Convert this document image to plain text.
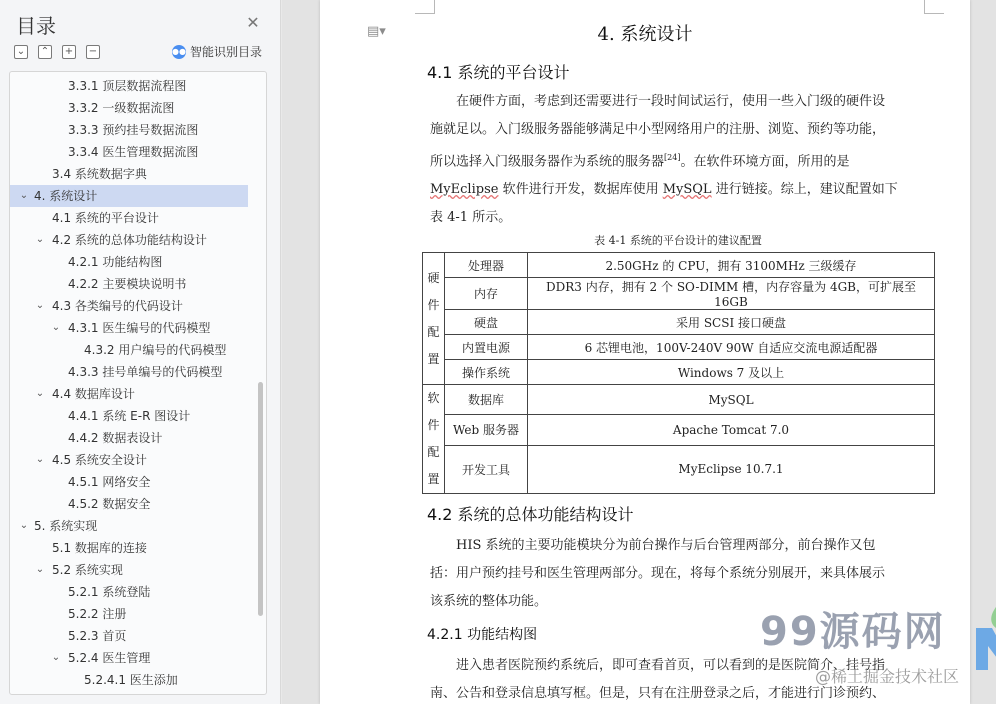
目录	✕
⌄ ⌃ + −	●● 智能识别目录
3.3.1 顶层数据流程图
3.3.2 一级数据流图
3.3.3 预约挂号数据流图
3.3.4 医生管理数据流图
3.4 系统数据字典
⌄ 4. 系统设计
4.1 系统的平台设计
⌄ 4.2 系统的总体功能结构设计
4.2.1 功能结构图
4.2.2 主要模块说明书
⌄ 4.3 各类编号的代码设计
⌄ 4.3.1 医生编号的代码模型
4.3.2 用户编号的代码模型
4.3.3 挂号单编号的代码模型
⌄ 4.4 数据库设计
4.4.1 系统 E-R 图设计
4.4.2 数据表设计
⌄ 4.5 系统安全设计
4.5.1 网络安全
4.5.2 数据安全
⌄ 5. 系统实现
5.1 数据库的连接
⌄ 5.2 系统实现
5.2.1 系统登陆
5.2.2 注册
5.2.3 首页
⌄ 5.2.4 医生管理
5.2.4.1 医生添加
▤▾	4. 系统设计
4.1 系统的平台设计
在硬件方面，考虑到还需要进行一段时间试运行，使用一些入门级的硬件设
施就足以。入门级服务器能够满足中小型网络用户的注册、浏览、预约等功能，
所以选择入门级服务器作为系统的服务器[24]。在软件环境方面，所用的是
MyEclipse 软件进行开发，数据库使用 MySQL 进行链接。综上，建议配置如下
表 4-1 所示。
表 4-1 系统的平台设计的建议配置
硬
件
配
置	处理器	2.50GHz 的 CPU，拥有 3100MHz 三级缓存
	内存	DDR3 内存，拥有 2 个 SO-DIMM 槽，内存容量为 4GB，可扩展至 16GB
	硬盘	采用 SCSI 接口硬盘
	内置电源	6 芯锂电池，100V-240V 90W 自适应交流电源适配器
	操作系统	Windows 7 及以上
软
件
配
置	数据库	MySQL
	Web 服务器	Apache Tomcat 7.0
	开发工具	MyEclipse 10.7.1
4.2 系统的总体功能结构设计
HIS 系统的主要功能模块分为前台操作与后台管理两部分，前台操作又包
括：用户预约挂号和医生管理两部分。现在，将每个系统分别展开，来具体展示
该系统的整体功能。
4.2.1 功能结构图
进入患者医院预约系统后，即可查看首页，可以看到的是医院简介、挂号指
南、公告和登录信息填写框。但是，只有在注册登录之后，才能进行门诊预约、
99源码网
@稀土掘金技术社区
